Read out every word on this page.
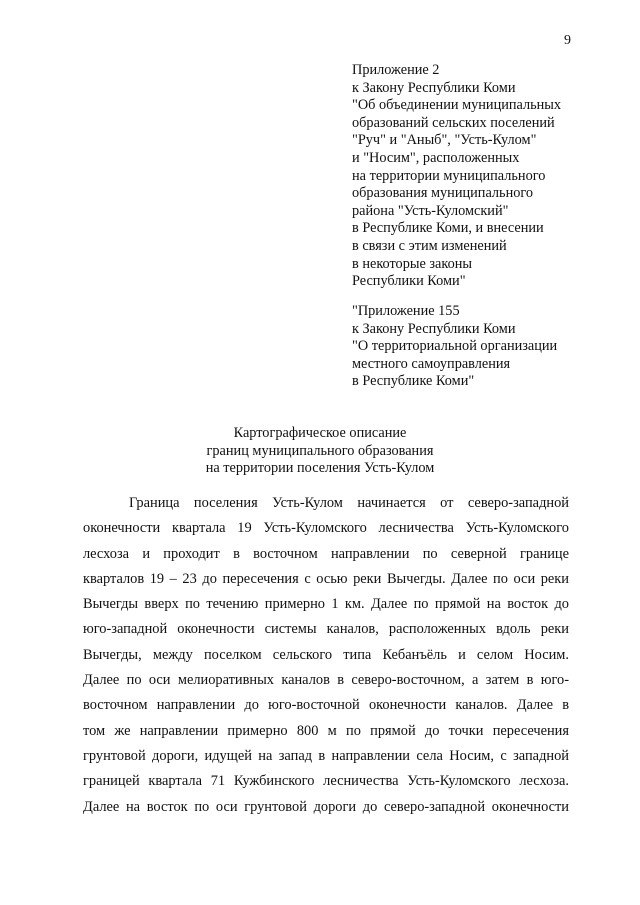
9
Приложение 2
к Закону Республики Коми
"Об объединении муниципальных
образований сельских поселений
"Руч" и "Аныб", "Усть-Кулом"
и "Носим", расположенных
на территории муниципального
образования муниципального
района "Усть-Куломский"
в Республике Коми, и внесении
в связи с этим изменений
в некоторые законы
Республики Коми"
"Приложение 155
к Закону Республики Коми
"О территориальной организации
местного самоуправления
в Республике Коми"
Картографическое описание
границ муниципального образования
на территории поселения Усть-Кулом
Граница поселения Усть-Кулом начинается от северо-западной
оконечности квартала 19 Усть-Куломского лесничества Усть-Куломского
лесхоза и проходит в восточном направлении по северной границе
кварталов 19 – 23 до пересечения с осью реки Вычегды. Далее по оси реки
Вычегды вверх по течению примерно 1 км. Далее по прямой на восток до
юго-западной оконечности системы каналов, расположенных вдоль реки
Вычегды, между поселком сельского типа Кебанъёль и селом Носим.
Далее по оси мелиоративных каналов в северо-восточном, а затем в юго-
восточном направлении до юго-восточной оконечности каналов. Далее в
том же направлении примерно 800 м по прямой до точки пересечения
грунтовой дороги, идущей на запад в направлении села Носим, с западной
границей квартала 71 Кужбинского лесничества Усть-Куломского лесхоза.
Далее на восток по оси грунтовой дороги до северо-западной оконечности
